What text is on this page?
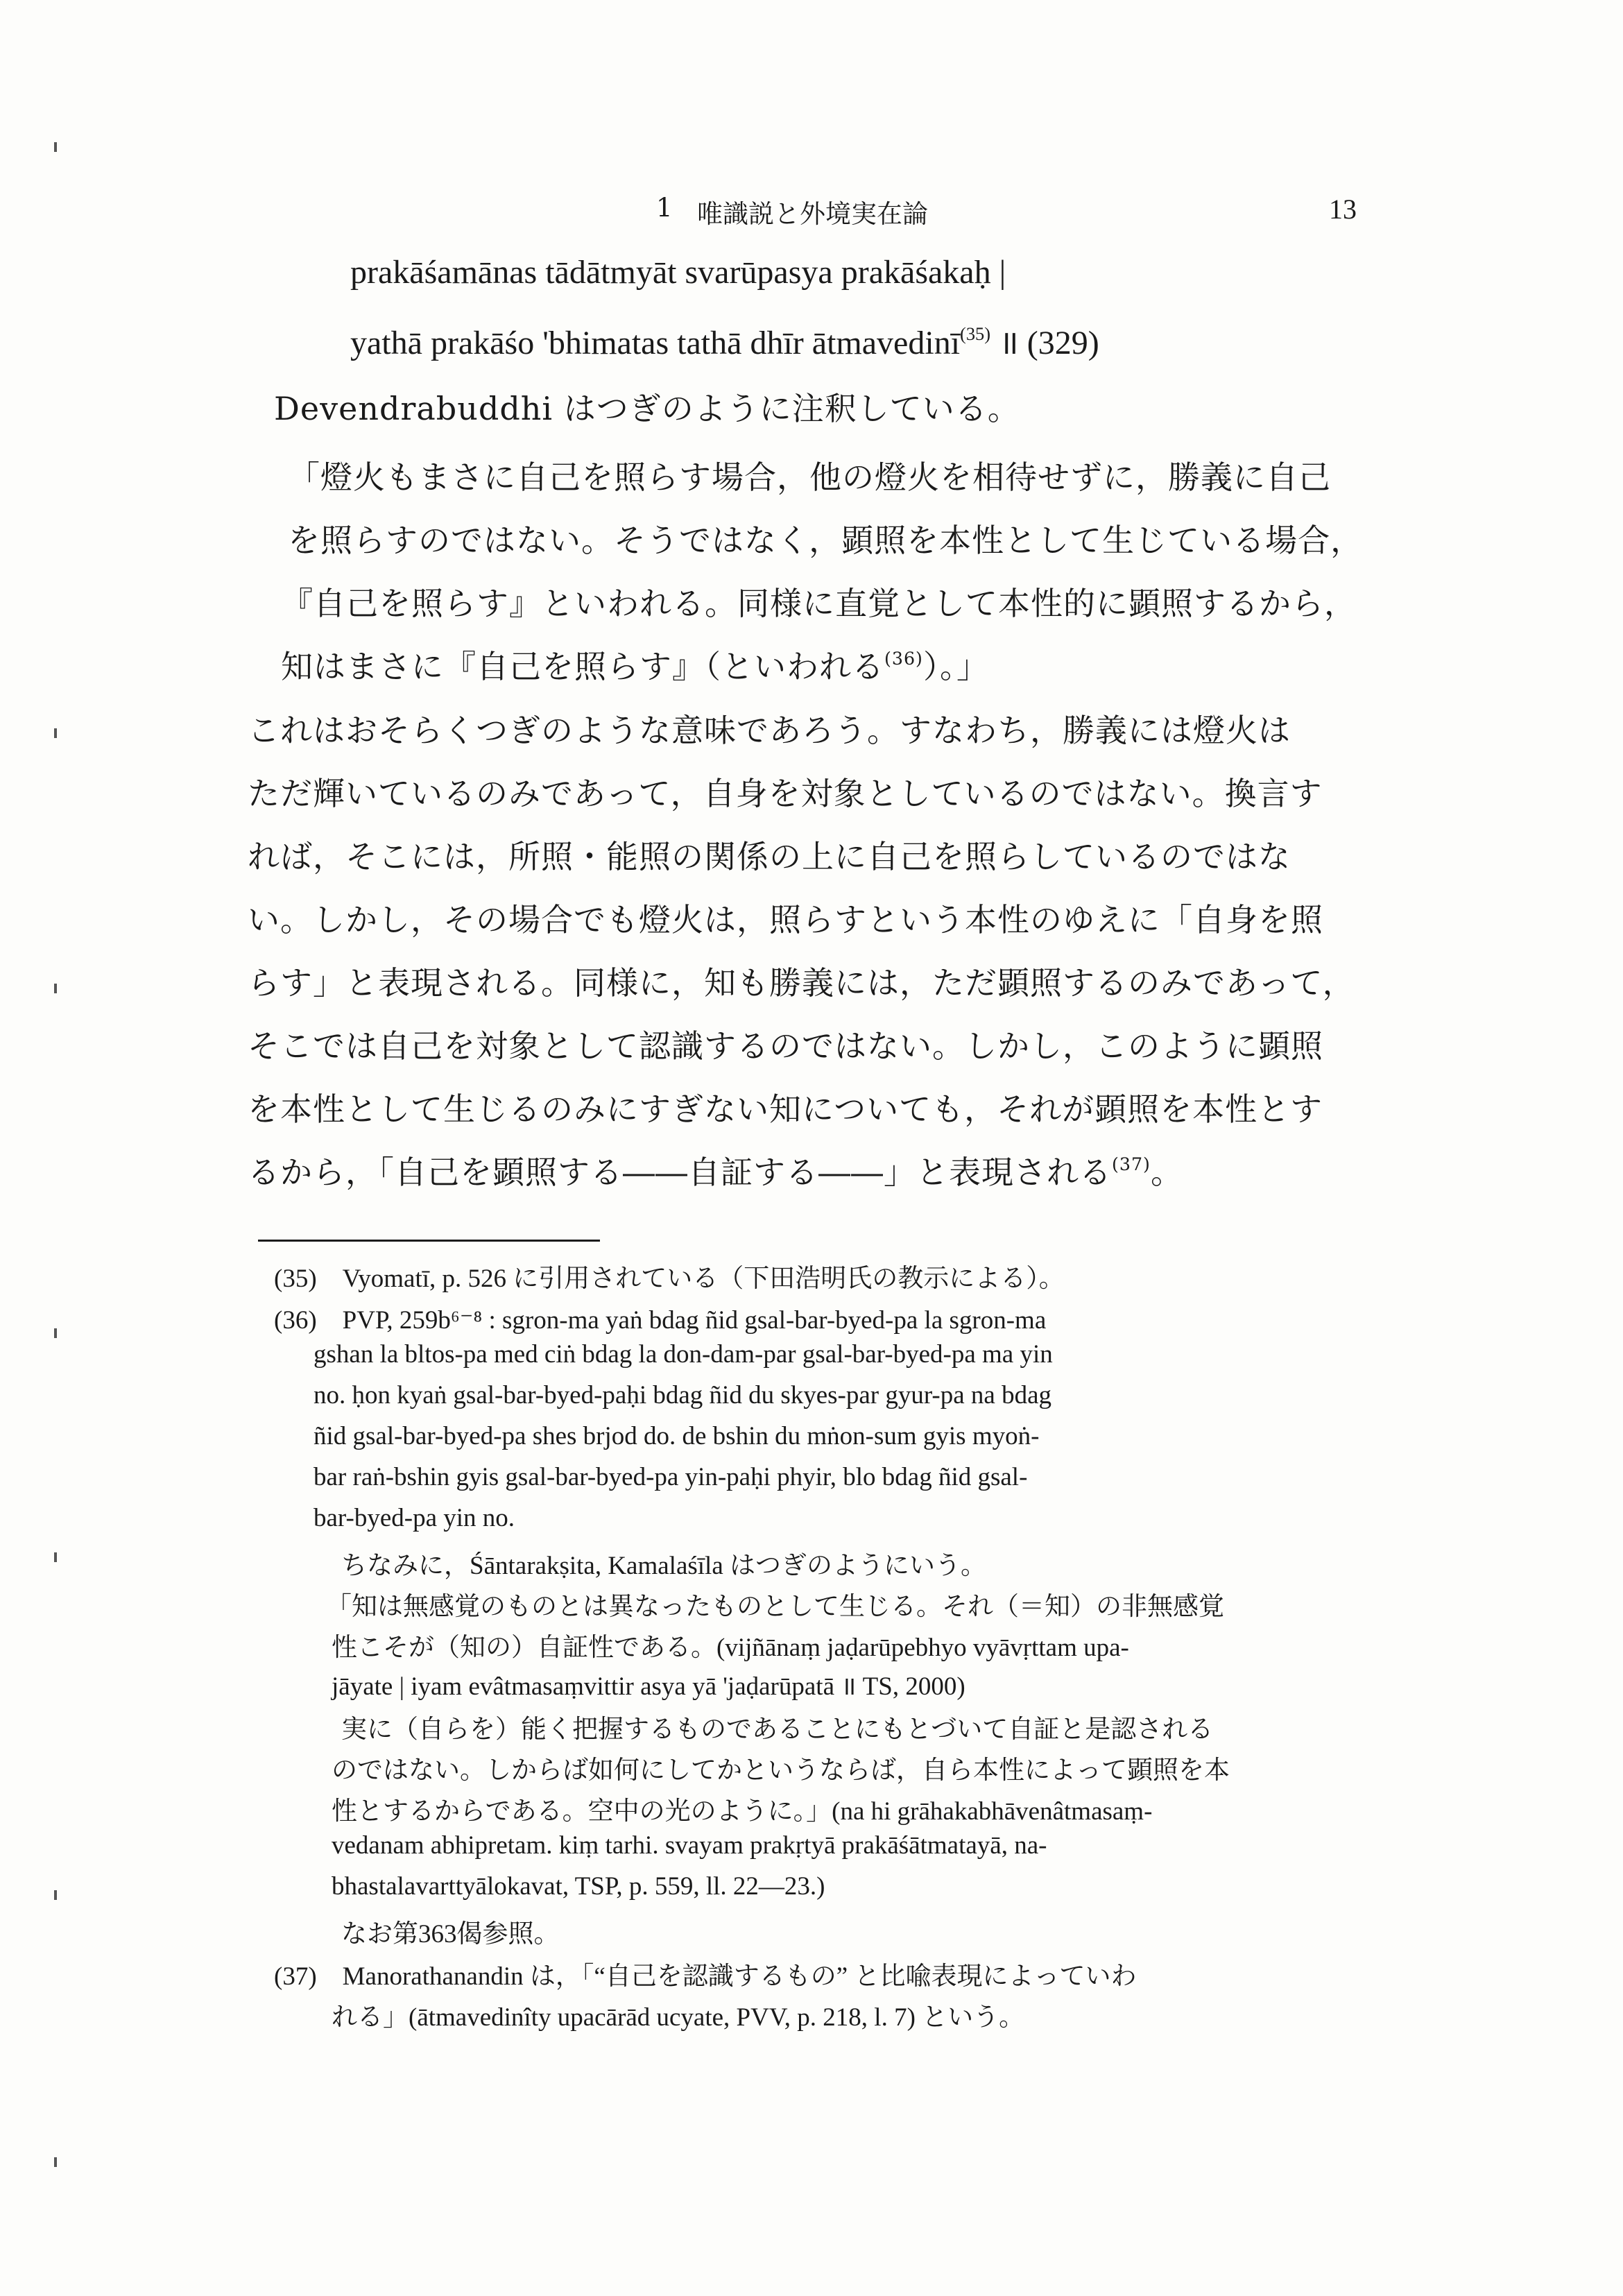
1 唯識説と外境実在論	13
prakāśamānas tādātmyāt svarūpasya prakāśakaḥ |
yathā prakāśo 'bhimatas tathā dhīr ātmavedinī$^{(35)}$ ॥ (329)
Devendrabuddhi はつぎのように注釈している。
「燈火もまさに自己を照らす場合，他の燈火を相待せずに，勝義に自己
を照らすのではない。そうではなく，顕照を本性として生じている場合，
『自己を照らす』といわれる。同様に直覚として本性的に顕照するから，
知はまさに『自己を照らす』（といわれる$^{(36)}$）。」
これはおそらくつぎのような意味であろう。すなわち，勝義には燈火は
ただ輝いているのみであって，自身を対象としているのではない。換言す
れば，そこには，所照・能照の関係の上に自己を照らしているのではな
い。しかし，その場合でも燈火は，照らすという本性のゆえに「自身を照
らす」と表現される。同様に，知も勝義には，ただ顕照するのみであって，
そこでは自己を対象として認識するのではない。しかし，このように顕照
を本性として生じるのみにすぎない知についても，それが顕照を本性とす
るから，「自己を顕照する――自証する――」と表現される$^{(37)}$。
(35)　Vyomatī, p. 526 に引用されている（下田浩明氏の教示による）。
(36)　PVP, 259b⁶⁻⁸ : sgron-ma yaṅ bdag ñid gsal-bar-byed-pa la sgron-ma
gshan la bltos-pa med ciṅ bdag la don-dam-par gsal-bar-byed-pa ma yin
no. ḥon kyaṅ gsal-bar-byed-paḥi bdag ñid du skyes-par gyur-pa na bdag
ñid gsal-bar-byed-pa shes brjod do. de bshin du mṅon-sum gyis myoṅ-
bar raṅ-bshin gyis gsal-bar-byed-pa yin-paḥi phyir, blo bdag ñid gsal-
bar-byed-pa yin no.
ちなみに，Śāntarakṣita, Kamalaśīla はつぎのようにいう。
「知は無感覚のものとは異なったものとして生じる。それ（＝知）の非無感覚
性こそが（知の）自証性である。(vijñānaṃ jaḍarūpebhyo vyāvṛttam upa-
jāyate | iyam evâtmasaṃvittir asya yā 'jaḍarūpatā ॥ TS, 2000)
実に（自らを）能く把握するものであることにもとづいて自証と是認される
のではない。しからば如何にしてかというならば，自ら本性によって顕照を本
性とするからである。空中の光のように。」(na hi grāhakabhāvenâtmasaṃ-
vedanam abhipretam. kiṃ tarhi. svayam prakṛtyā prakāśātmatayā, na-
bhastalavarttyālokavat, TSP, p. 559, ll. 22—23.)
なお第363偈参照。
(37)　Manorathanandin は，「“自己を認識するもの” と比喩表現によっていわ
れる」(ātmavedinîty upacārād ucyate, PVV, p. 218, l. 7) という。
